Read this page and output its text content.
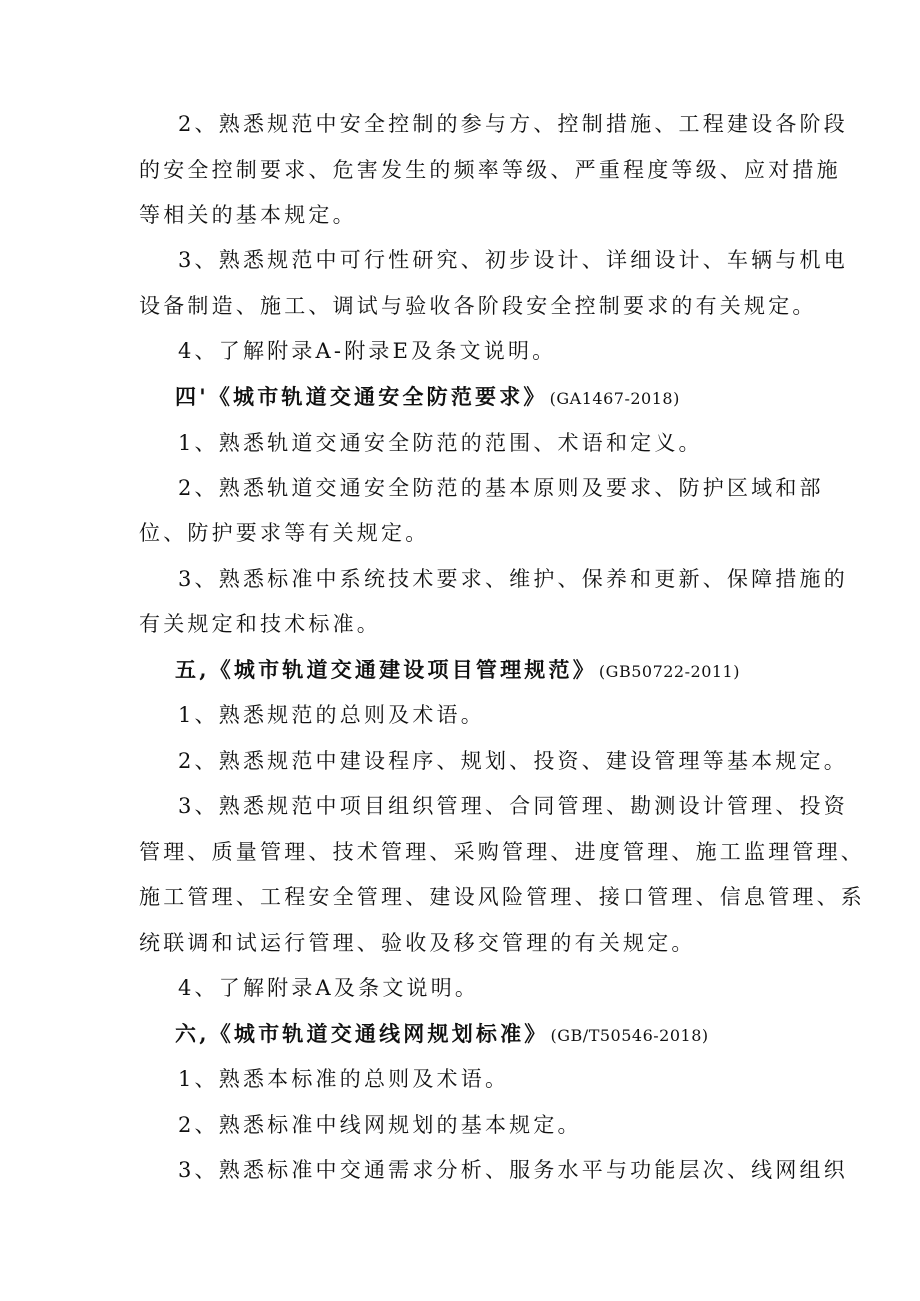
2、熟悉规范中安全控制的参与方、控制措施、工程建设各阶段
的安全控制要求、危害发生的频率等级、严重程度等级、应对措施
等相关的基本规定。
3、熟悉规范中可行性研究、初步设计、详细设计、车辆与机电
设备制造、施工、调试与验收各阶段安全控制要求的有关规定。
4、了解附录A-附录E及条文说明。
四'《城市轨道交通安全防范要求》 (GA1467-2018)
1、熟悉轨道交通安全防范的范围、术语和定义。
2、熟悉轨道交通安全防范的基本原则及要求、防护区域和部
位、防护要求等有关规定。
3、熟悉标准中系统技术要求、维护、保养和更新、保障措施的
有关规定和技术标准。
五,《城市轨道交通建设项目管理规范》 (GB50722-2011)
1、熟悉规范的总则及术语。
2、熟悉规范中建设程序、规划、投资、建设管理等基本规定。
3、熟悉规范中项目组织管理、合同管理、勘测设计管理、投资
管理、质量管理、技术管理、采购管理、进度管理、施工监理管理、
施工管理、工程安全管理、建设风险管理、接口管理、信息管理、系
统联调和试运行管理、验收及移交管理的有关规定。
4、了解附录A及条文说明。
六,《城市轨道交通线网规划标准》 (GB/T50546-2018)
1、熟悉本标准的总则及术语。
2、熟悉标准中线网规划的基本规定。
3、熟悉标准中交通需求分析、服务水平与功能层次、线网组织
